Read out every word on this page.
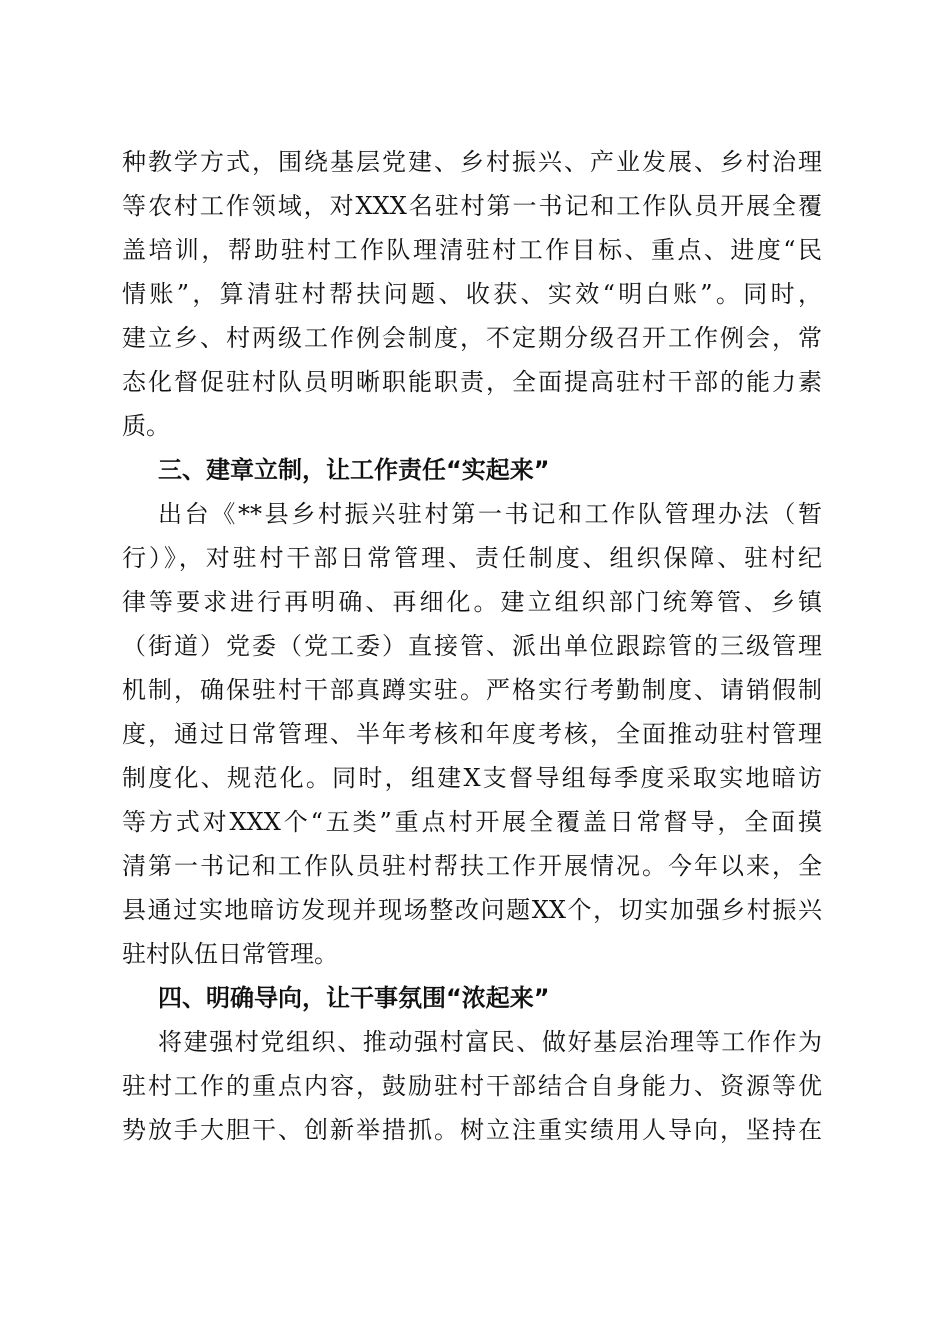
种教学方式，围绕基层党建、乡村振兴、产业发展、乡村治理
等农村工作领域，对XXX名驻村第一书记和工作队员开展全覆
盖培训，帮助驻村工作队理清驻村工作目标、重点、进度“民
情账”，算清驻村帮扶问题、收获、实效“明白账”。同时，
建立乡、村两级工作例会制度，不定期分级召开工作例会，常
态化督促驻村队员明晰职能职责，全面提高驻村干部的能力素
质。
三、建章立制，让工作责任“实起来”
出台《**县乡村振兴驻村第一书记和工作队管理办法（暂
行）》，对驻村干部日常管理、责任制度、组织保障、驻村纪
律等要求进行再明确、再细化。建立组织部门统筹管、乡镇
（街道）党委（党工委）直接管、派出单位跟踪管的三级管理
机制，确保驻村干部真蹲实驻。严格实行考勤制度、请销假制
度，通过日常管理、半年考核和年度考核，全面推动驻村管理
制度化、规范化。同时，组建X支督导组每季度采取实地暗访
等方式对XXX个“五类”重点村开展全覆盖日常督导，全面摸
清第一书记和工作队员驻村帮扶工作开展情况。今年以来，全
县通过实地暗访发现并现场整改问题XX个，切实加强乡村振兴
驻村队伍日常管理。
四、明确导向，让干事氛围“浓起来”
将建强村党组织、推动强村富民、做好基层治理等工作作为
驻村工作的重点内容，鼓励驻村干部结合自身能力、资源等优
势放手大胆干、创新举措抓。树立注重实绩用人导向，坚持在
